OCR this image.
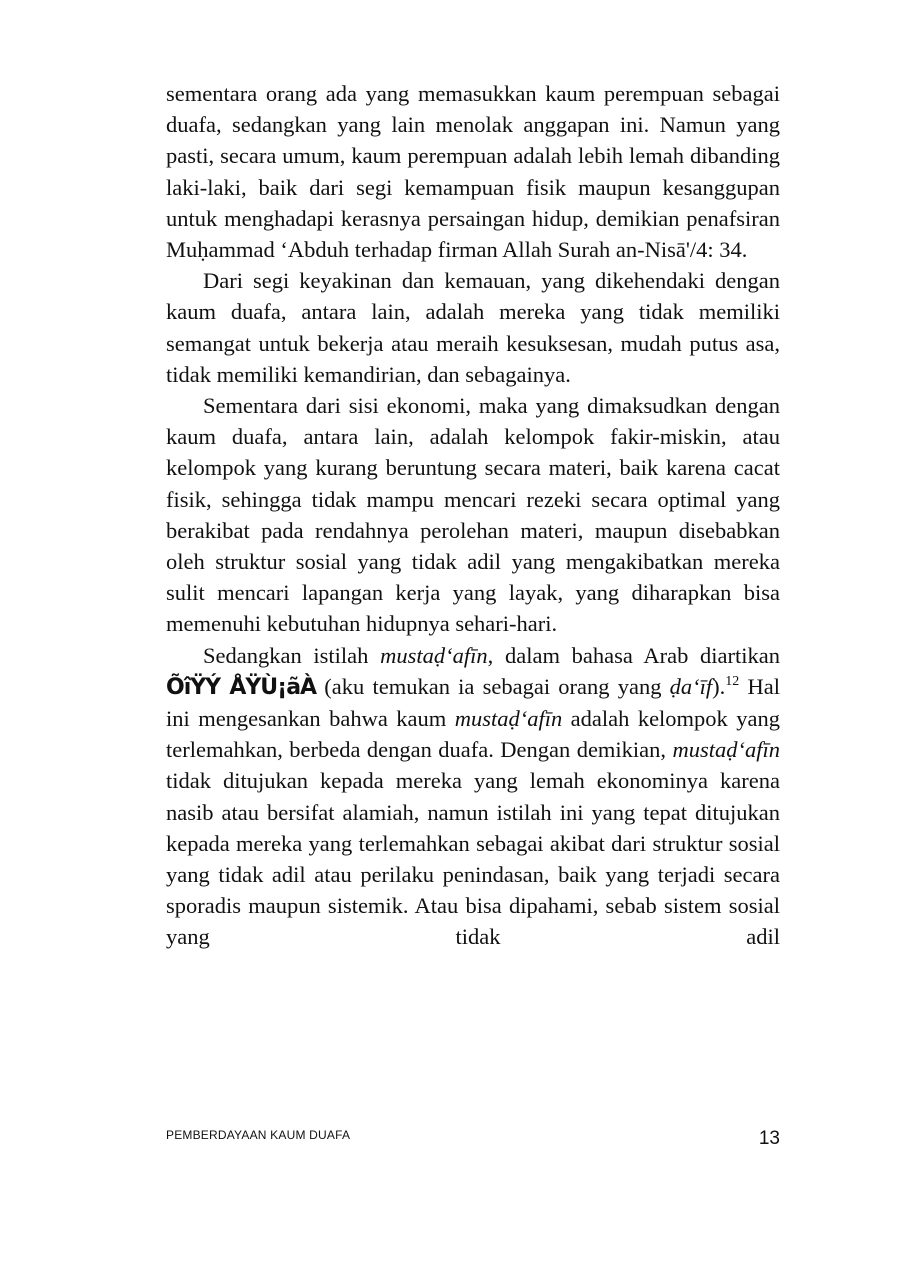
sementara orang ada yang memasukkan kaum perempuan sebagai duafa, sedangkan yang lain menolak anggapan ini. Namun yang pasti, secara umum, kaum perempuan adalah lebih lemah dibanding laki-laki, baik dari segi kemampuan fisik maupun kesanggupan untuk menghadapi kerasnya persaingan hidup, demikian penafsiran Muḥammad ‘Abduh terhadap firman Allah Surah an-Nisā'/4: 34.

Dari segi keyakinan dan kemauan, yang dikehendaki dengan kaum duafa, antara lain, adalah mereka yang tidak memiliki semangat untuk bekerja atau meraih kesuksesan, mudah putus asa, tidak memiliki kemandirian, dan sebagainya.

Sementara dari sisi ekonomi, maka yang dimaksudkan dengan kaum duafa, antara lain, adalah kelompok fakir-miskin, atau kelompok yang kurang beruntung secara materi, baik karena cacat fisik, sehingga tidak mampu mencari rezeki secara optimal yang berakibat pada rendahnya perolehan materi, maupun disebabkan oleh struktur sosial yang tidak adil yang mengakibatkan mereka sulit mencari lapangan kerja yang layak, yang diharapkan bisa memenuhi kebutuhan hidupnya sehari-hari.

Sedangkan istilah mustaḍ‘afīn, dalam bahasa Arab diartikan ÕîŸÝ ÅŸÙ¡ãÀ (aku temukan ia sebagai orang yang ḍa‘īf).$^{12}$ Hal ini mengesankan bahwa kaum mustaḍ‘afīn adalah kelompok yang terlemahkan, berbeda dengan duafa. Dengan demikian, mustaḍ‘afīn tidak ditujukan kepada mereka yang lemah ekonominya karena nasib atau bersifat alamiah, namun istilah ini yang tepat ditujukan kepada mereka yang terlemahkan sebagai akibat dari struktur sosial yang tidak adil atau perilaku penindasan, baik yang terjadi secara sporadis maupun sistemik. Atau bisa dipahami, sebab sistem sosial yang tidak adil

PEMBERDAYAAN KAUM DUAFA	13
